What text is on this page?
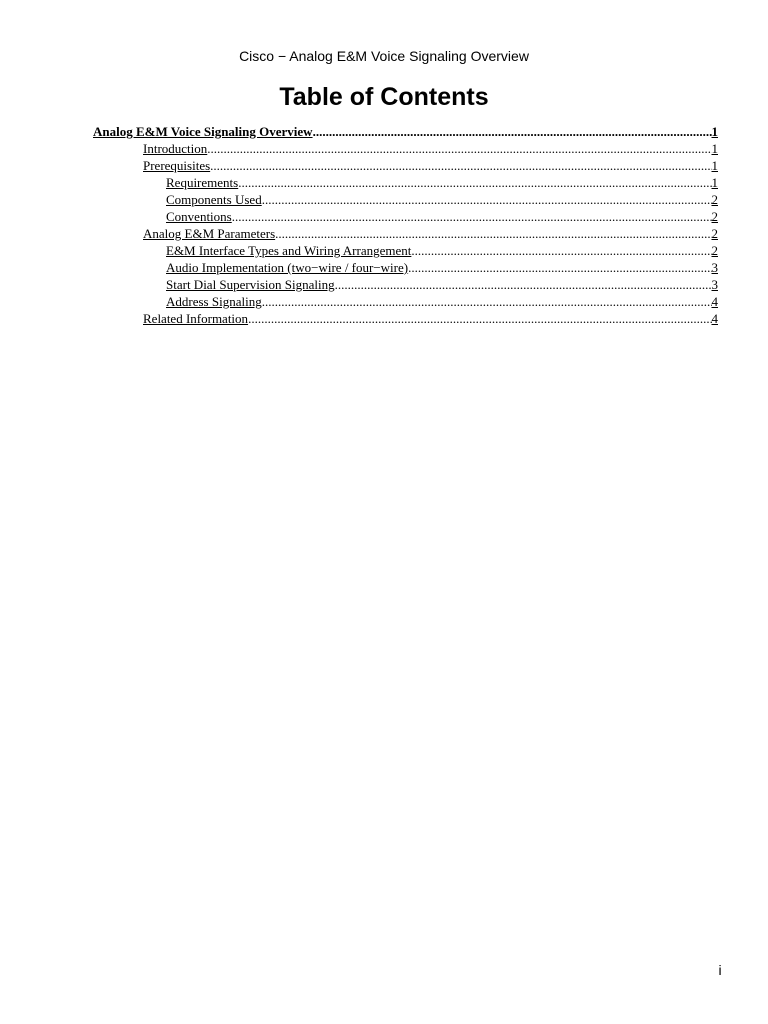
Cisco − Analog E&M Voice Signaling Overview
Table of Contents
Analog E&M Voice Signaling Overview .....	1
Introduction .....	1
Prerequisites .....	1
Requirements .....	1
Components Used .....	2
Conventions .....	2
Analog E&M Parameters .....	2
E&M Interface Types and Wiring Arrangement .....	2
Audio Implementation (two−wire / four−wire) .....	3
Start Dial Supervision Signaling .....	3
Address Signaling .....	4
Related Information .....	4
i
